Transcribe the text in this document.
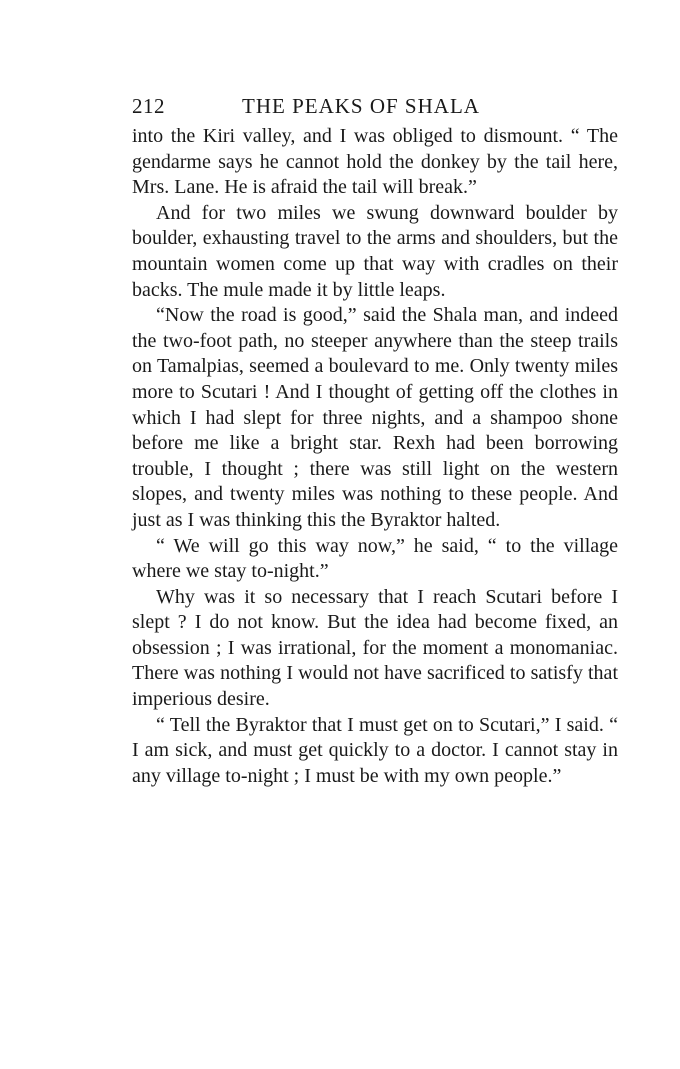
212	THE PEAKS OF SHALA

into the Kiri valley, and I was obliged to dismount. “ The gendarme says he cannot hold the donkey by the tail here, Mrs. Lane. He is afraid the tail will break.”

And for two miles we swung downward boulder by boulder, exhausting travel to the arms and shoulders, but the mountain women come up that way with cradles on their backs. The mule made it by little leaps.

“Now the road is good,” said the Shala man, and indeed the two-foot path, no steeper anywhere than the steep trails on Tamalpias, seemed a boulevard to me. Only twenty miles more to Scutari ! And I thought of getting off the clothes in which I had slept for three nights, and a shampoo shone before me like a bright star. Rexh had been borrowing trouble, I thought ; there was still light on the western slopes, and twenty miles was nothing to these people. And just as I was thinking this the Byraktor halted.

“ We will go this way now,” he said, “ to the village where we stay to-night.”

Why was it so necessary that I reach Scutari before I slept ? I do not know. But the idea had become fixed, an obsession ; I was irrational, for the moment a monomaniac. There was nothing I would not have sacrificed to satisfy that imperious desire.

“ Tell the Byraktor that I must get on to Scutari,” I said. “ I am sick, and must get quickly to a doctor. I cannot stay in any village to-night ; I must be with my own people.”
